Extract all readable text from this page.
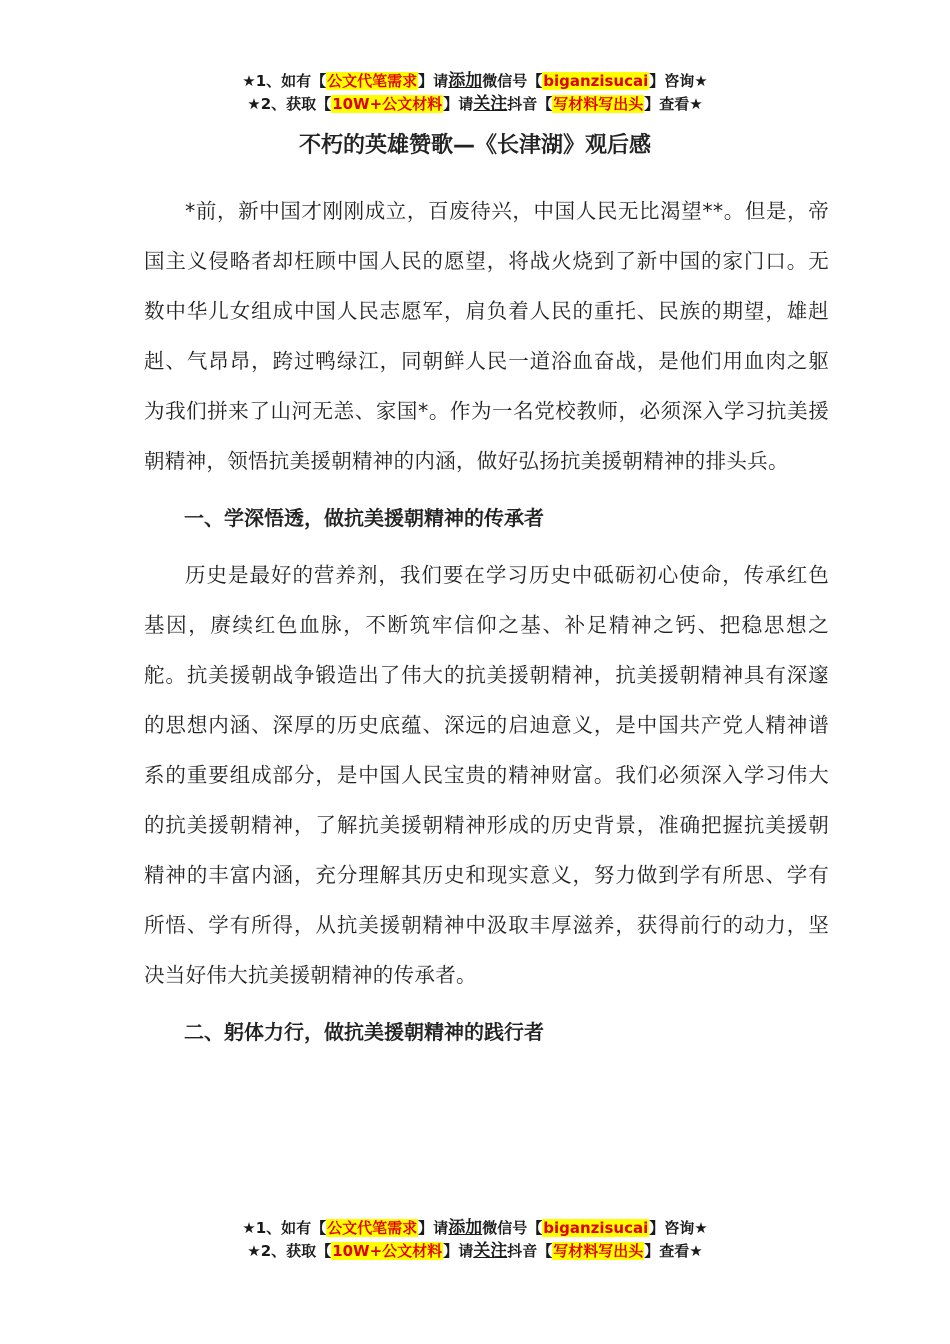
★1、如有【公文代笔需求】请添加微信号【biganzisucai】咨询★
★2、获取【10W+公文材料】请关注抖音【写材料写出头】查看★
不朽的英雄赞歌—《长津湖》观后感

*前，新中国才刚刚成立，百废待兴，中国人民无比渴望**。但是，帝国主义侵略者却枉顾中国人民的愿望，将战火烧到了新中国的家门口。无数中华儿女组成中国人民志愿军，肩负着人民的重托、民族的期望，雄赳赳、气昂昂，跨过鸭绿江，同朝鲜人民一道浴血奋战，是他们用血肉之躯为我们拼来了山河无恙、家国*。作为一名党校教师，必须深入学习抗美援朝精神，领悟抗美援朝精神的内涵，做好弘扬抗美援朝精神的排头兵。

一、学深悟透，做抗美援朝精神的传承者

历史是最好的营养剂，我们要在学习历史中砥砺初心使命，传承红色基因，赓续红色血脉，不断筑牢信仰之基、补足精神之钙、把稳思想之舵。抗美援朝战争锻造出了伟大的抗美援朝精神，抗美援朝精神具有深邃的思想内涵、深厚的历史底蕴、深远的启迪意义，是中国共产党人精神谱系的重要组成部分，是中国人民宝贵的精神财富。我们必须深入学习伟大的抗美援朝精神，了解抗美援朝精神形成的历史背景，准确把握抗美援朝精神的丰富内涵，充分理解其历史和现实意义，努力做到学有所思、学有所悟、学有所得，从抗美援朝精神中汲取丰厚滋养，获得前行的动力，坚决当好伟大抗美援朝精神的传承者。

二、躬体力行，做抗美援朝精神的践行者

★1、如有【公文代笔需求】请添加微信号【biganzisucai】咨询★
★2、获取【10W+公文材料】请关注抖音【写材料写出头】查看★
